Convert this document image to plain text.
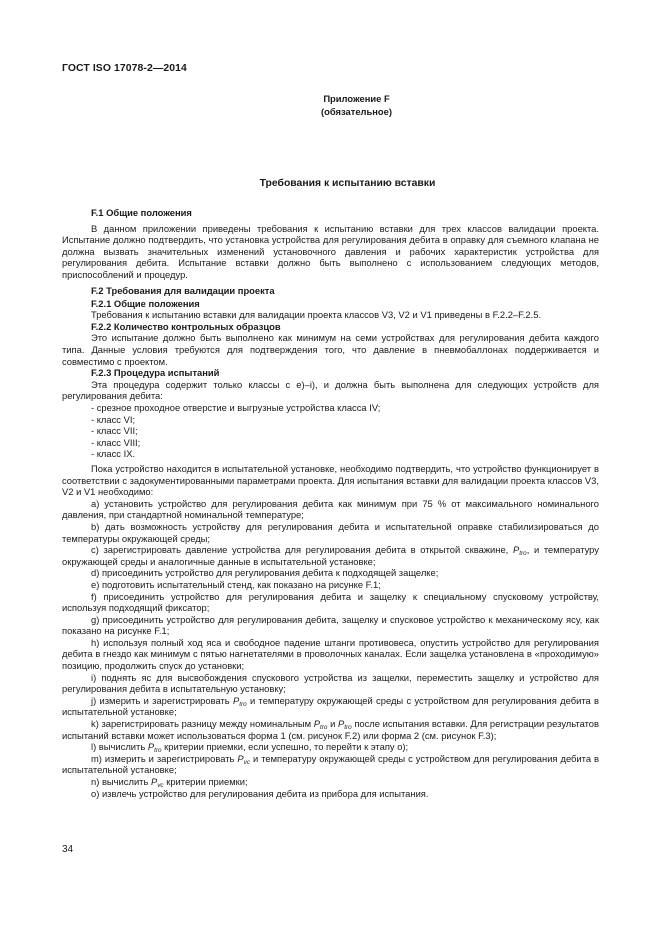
ГОСТ ISO 17078-2—2014
Приложение F
(обязательное)
Требования к испытанию вставки

F.1 Общие положения

В данном приложении приведены требования к испытанию вставки для трех классов валидации проекта. Испытание должно подтвердить, что установка устройства для регулирования дебита в оправку для съемного клапана не должна вызвать значительных изменений установочного давления и рабочих характеристик устройства для регулирования дебита. Испытание вставки должно быть выполнено с использованием следующих методов, приспособлений и процедур.

F.2 Требования для валидации проекта

F.2.1 Общие положения

Требования к испытанию вставки для валидации проекта классов V3, V2 и V1 приведены в F.2.2–F.2.5.

F.2.2 Количество контрольных образцов

Это испытание должно быть выполнено как минимум на семи устройствах для регулирования дебита каждого типа. Данные условия требуются для подтверждения того, что давление в пневмобаллонах поддерживается и совместимо с проектом.

F.2.3 Процедура испытаний

Эта процедура содержит только классы с е)–i), и должна быть выполнена для следующих устройств для регулирования дебита:

- срезное проходное отверстие и выгрузные устройства класса IV;

- класс VI;

- класс VII;

- класс VIII;

- класс IX.

Пока устройство находится в испытательной установке, необходимо подтвердить, что устройство функционирует в соответствии с задокументированными параметрами проекта. Для испытания вставки для валидации проекта классов V3, V2 и V1 необходимо:

а) установить устройство для регулирования дебита как минимум при 75 % от максимального номинального давления, при стандартной номинальной температуре;

b) дать возможность устройству для регулирования дебита и испытательной оправке стабилизироваться до температуры окружающей среды;

с) зарегистрировать давление устройства для регулирования дебита в открытой скважине, $P_{tro}$, и температуру окружающей среды и аналогичные данные в испытательной установке;

d) присоединить устройство для регулирования дебита к подходящей защелке;

е) подготовить испытательный стенд, как показано на рисунке F.1;

f) присоединить устройство для регулирования дебита и защелку к специальному спусковому устройству, используя подходящий фиксатор;

g) присоединить устройство для регулирования дебита, защелку и спусковое устройство к механическому ясу, как показано на рисунке F.1;

h) используя полный ход яса и свободное падение штанги противовеса, опустить устройство для регулирования дебита в гнездо как минимум с пятью нагнетателями в проволочных каналах. Если защелка установлена в «проходимую» позицию, продолжить спуск до установки;

i) поднять яс для высвобождения спускового устройства из защелки, переместить защелку и устройство для регулирования дебита в испытательную установку;

j) измерить и зарегистрировать $P_{tro}$ и температуру окружающей среды с устройством для регулирования дебита в испытательной установке;

k) зарегистрировать разницу между номинальным $P_{tro}$ и $P_{tro}$ после испытания вставки. Для регистрации результатов испытаний вставки может использоваться форма 1 (см. рисунок F.2) или форма 2 (см. рисунок F.3);

l) вычислить $P_{tro}$ критерии приемки, если успешно, то перейти к этапу о);

m) измерить и зарегистрировать $P_{vc}$ и температуру окружающей среды с устройством для регулирования дебита в испытательной установке;

n) вычислить $P_{vc}$ критерии приемки;

о) извлечь устройство для регулирования дебита из прибора для испытания.

34
